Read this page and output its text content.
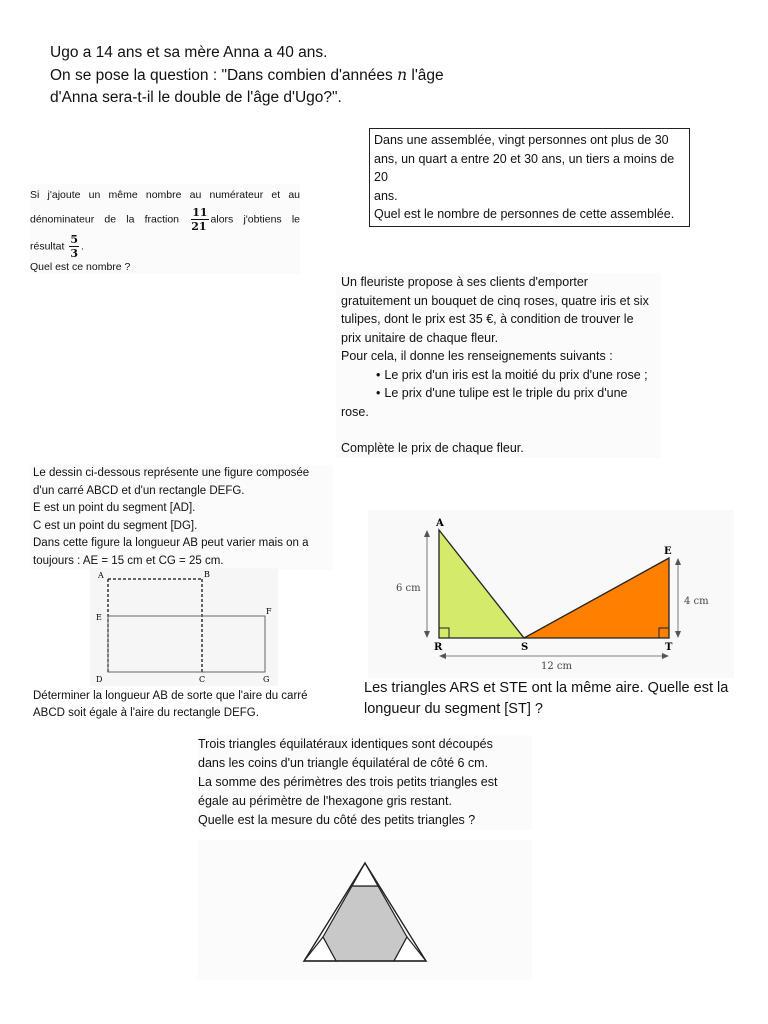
Ugo a 14 ans et sa mère Anna a 40 ans.

On se pose la question : "Dans combien d'années n l'âge

d'Anna sera-t-il le double de l'âge d'Ugo?".

Dans une assemblée, vingt personnes ont plus de 30

ans, un quart a entre 20 et 30 ans, un tiers a moins de 20

ans.

Quel est le nombre de personnes de cette assemblée.

Si j'ajoute un même nombre au numérateur et au

dénominateur de la fraction $\frac{11}{21}$ alors j'obtiens le

résultat $\frac{5}{3}$ .

Quel est ce nombre ?

Un fleuriste propose à ses clients d'emporter

gratuitement un bouquet de cinq roses, quatre iris et six

tulipes, dont le prix est 35 €, à condition de trouver le

prix unitaire de chaque fleur.

Pour cela, il donne les renseignements suivants :

• Le prix d'un iris est la moitié du prix d'une rose ;
• Le prix d'une tulipe est le triple du prix d'une

rose.

Complète le prix de chaque fleur.

Le dessin ci-dessous représente une figure composée

d'un carré ABCD et d'un rectangle DEFG.

E est un point du segment [AD].

C est un point du segment [DG].

Dans cette figure la longueur AB peut varier mais on a

toujours : AE = 15 cm et CG = 25 cm.

A	B
E
F
D	C	G

Déterminer la longueur AB de sorte que l'aire du carré

ABCD soit égale à l'aire du rectangle DEFG.

A
R	S
E
T
6 cm
4 cm
12 cm

Les triangles ARS et STE ont la même aire. Quelle est la

longueur du segment [ST] ?

Trois triangles équilatéraux identiques sont découpés

dans les coins d'un triangle équilatéral de côté 6 cm.

La somme des périmètres des trois petits triangles est

égale au périmètre de l'hexagone gris restant.

Quelle est la mesure du côté des petits triangles ?
